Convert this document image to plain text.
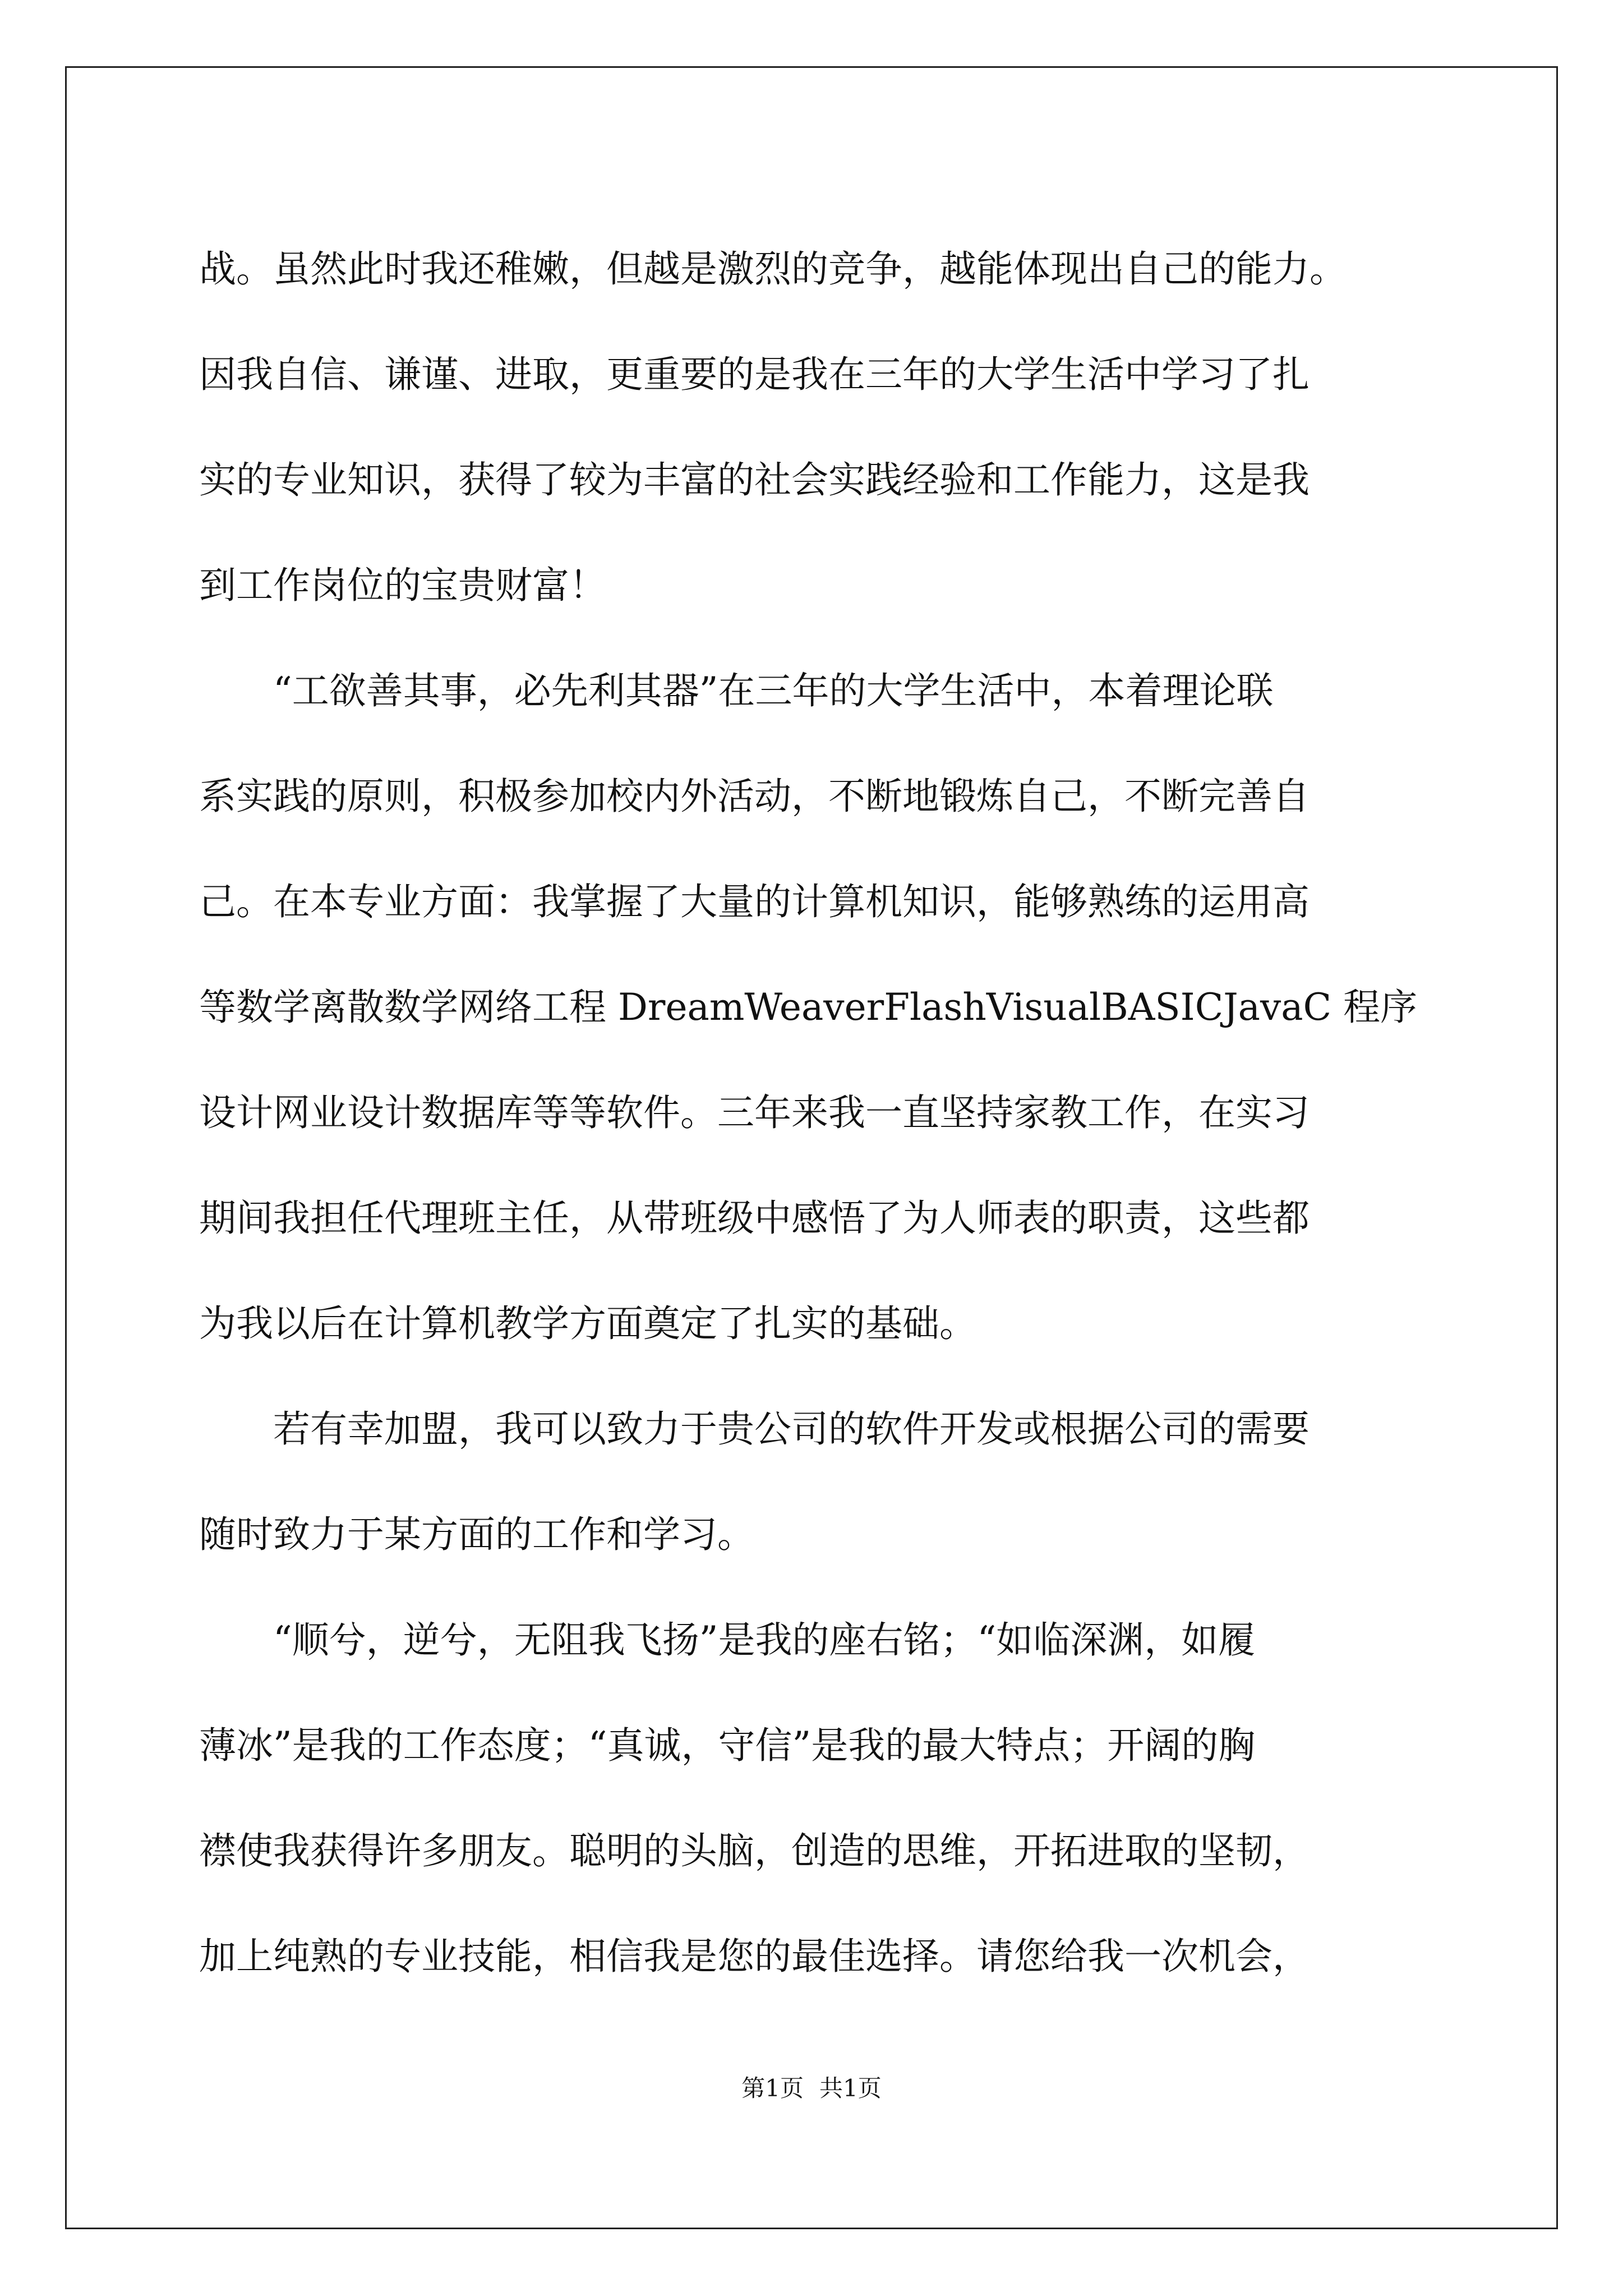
战。虽然此时我还稚嫩，但越是激烈的竞争，越能体现出自己的能力。
因我自信、谦谨、进取，更重要的是我在三年的大学生活中学习了扎
实的专业知识，获得了较为丰富的社会实践经验和工作能力，这是我
到工作岗位的宝贵财富！
“工欲善其事，必先利其器”在三年的大学生活中，本着理论联
系实践的原则，积极参加校内外活动，不断地锻炼自己，不断完善自
己。在本专业方面：我掌握了大量的计算机知识，能够熟练的运用高
等数学离散数学网络工程 DreamWeaverFlashVisualBASICJavaC 程序
设计网业设计数据库等等软件。三年来我一直坚持家教工作，在实习
期间我担任代理班主任，从带班级中感悟了为人师表的职责，这些都
为我以后在计算机教学方面奠定了扎实的基础。
若有幸加盟，我可以致力于贵公司的软件开发或根据公司的需要
随时致力于某方面的工作和学习。
“顺兮，逆兮，无阻我飞扬”是我的座右铭；“如临深渊，如履
薄冰”是我的工作态度；“真诚，守信”是我的最大特点；开阔的胸
襟使我获得许多朋友。聪明的头脑，创造的思维，开拓进取的坚韧，
加上纯熟的专业技能，相信我是您的最佳选择。请您给我一次机会，
第1页 共1页
